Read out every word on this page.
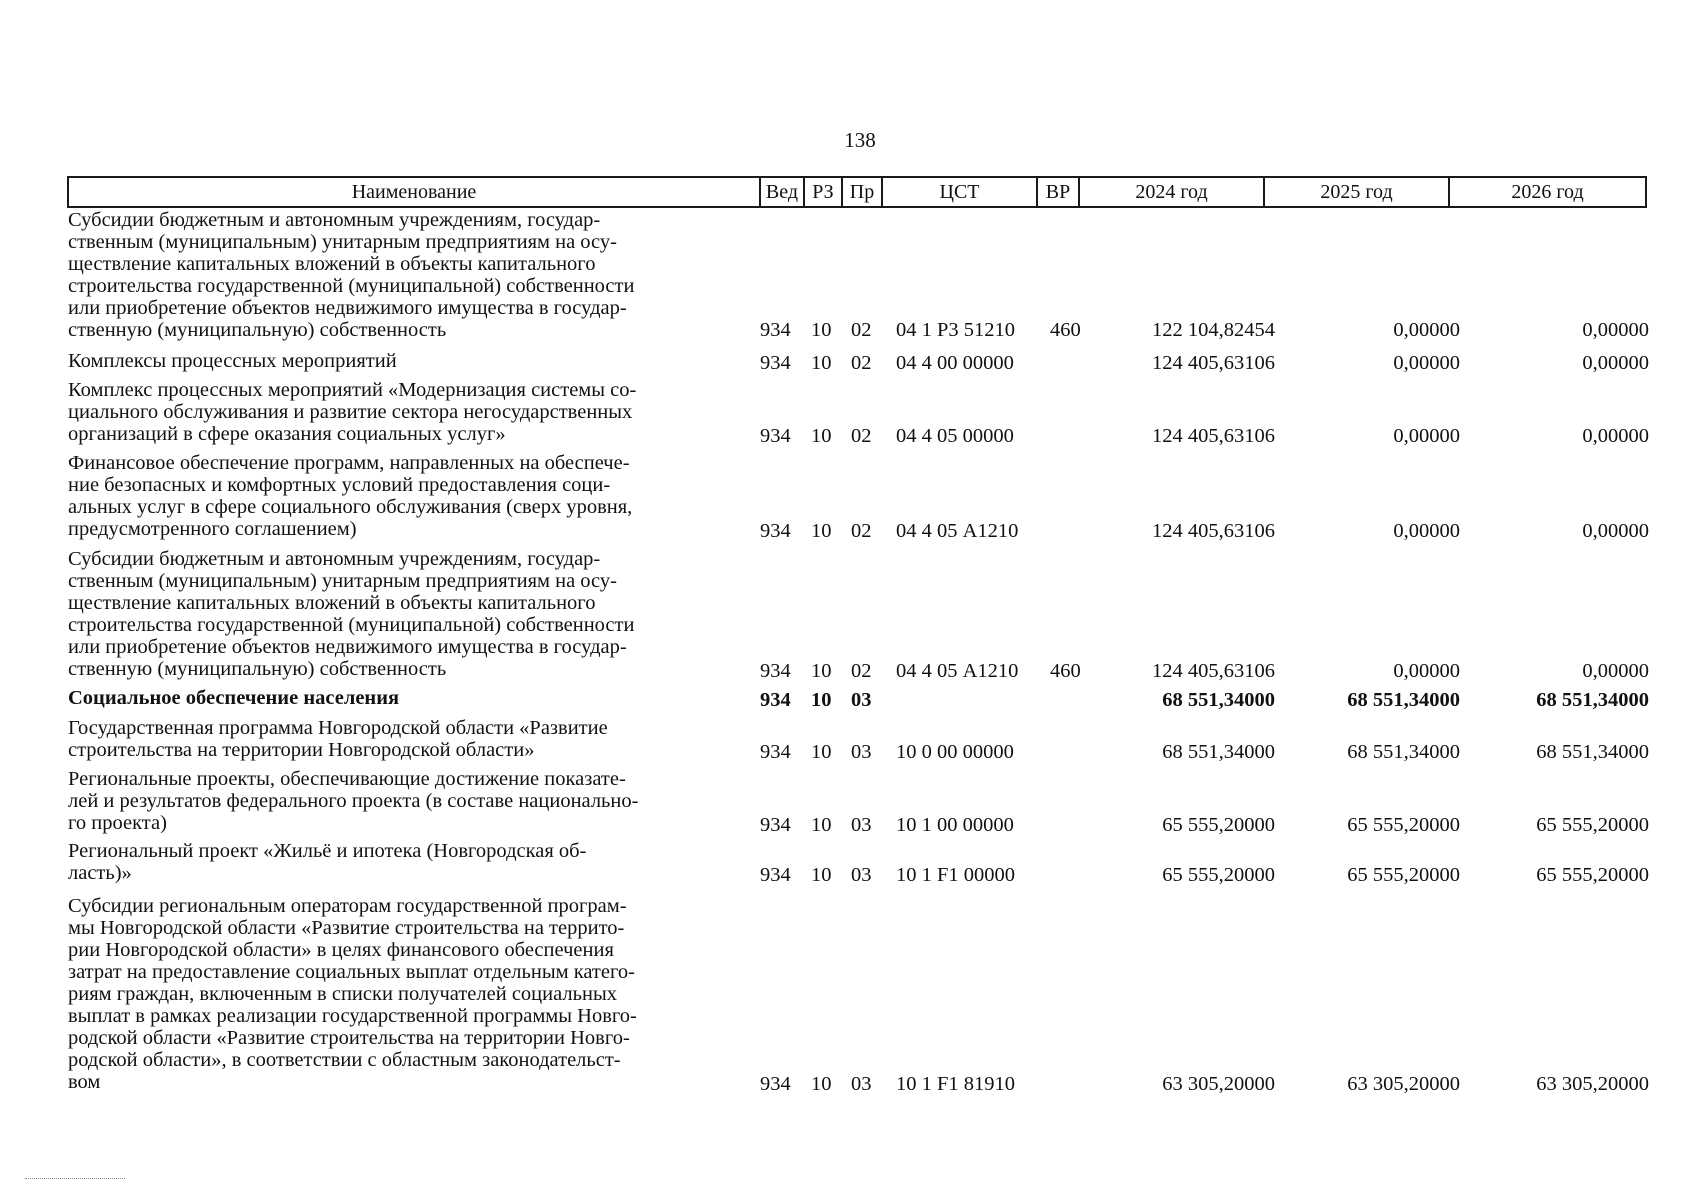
138
Наименование	Вед РЗ Пр	ЦСТ	ВР	2024 год	2025 год	2026 год
Субсидии бюджетным и автономным учреждениям, государ-
ственным (муниципальным) унитарным предприятиям на осу-
ществление капитальных вложений в объекты капитального
строительства государственной (муниципальной) собственности
или приобретение объектов недвижимого имущества в государ-
ственную (муниципальную) собственность	934 10 02 04 1 Р3 51210 460	122 104,82454	0,00000	0,00000
Комплексы процессных мероприятий	934 10 02 04 4 00 00000	124 405,63106	0,00000	0,00000
Комплекс процессных мероприятий «Модернизация системы со-
циального обслуживания и развитие сектора негосударственных
организаций в сфере оказания социальных услуг»	934 10 02 04 4 05 00000	124 405,63106	0,00000	0,00000
Финансовое обеспечение программ, направленных на обеспече-
ние безопасных и комфортных условий предоставления соци-
альных услуг в сфере социального обслуживания (сверх уровня,
предусмотренного соглашением)	934 10 02 04 4 05 А1210	124 405,63106	0,00000	0,00000
Субсидии бюджетным и автономным учреждениям, государ-
ственным (муниципальным) унитарным предприятиям на осу-
ществление капитальных вложений в объекты капитального
строительства государственной (муниципальной) собственности
или приобретение объектов недвижимого имущества в государ-
ственную (муниципальную) собственность	934 10 02 04 4 05 А1210 460	124 405,63106	0,00000	0,00000
Социальное обеспечение населения	934 10 03	68 551,34000	68 551,34000	68 551,34000
Государственная программа Новгородской области «Развитие
строительства на территории Новгородской области»	934 10 03 10 0 00 00000	68 551,34000	68 551,34000	68 551,34000
Региональные проекты, обеспечивающие достижение показате-
лей и результатов федерального проекта (в составе национально-
го проекта)	934 10 03 10 1 00 00000	65 555,20000	65 555,20000	65 555,20000
Региональный проект «Жильё и ипотека (Новгородская об-
ласть)»	934 10 03 10 1 F1 00000	65 555,20000	65 555,20000	65 555,20000
Субсидии региональным операторам государственной програм-
мы Новгородской области «Развитие строительства на террито-
рии Новгородской области» в целях финансового обеспечения
затрат на предоставление социальных выплат отдельным катего-
риям граждан, включенным в списки получателей социальных
выплат в рамках реализации государственной программы Новго-
родской области «Развитие строительства на территории Новго-
родской области», в соответствии с областным законодательст-
вом	934 10 03 10 1 F1 81910	63 305,20000	63 305,20000	63 305,20000
